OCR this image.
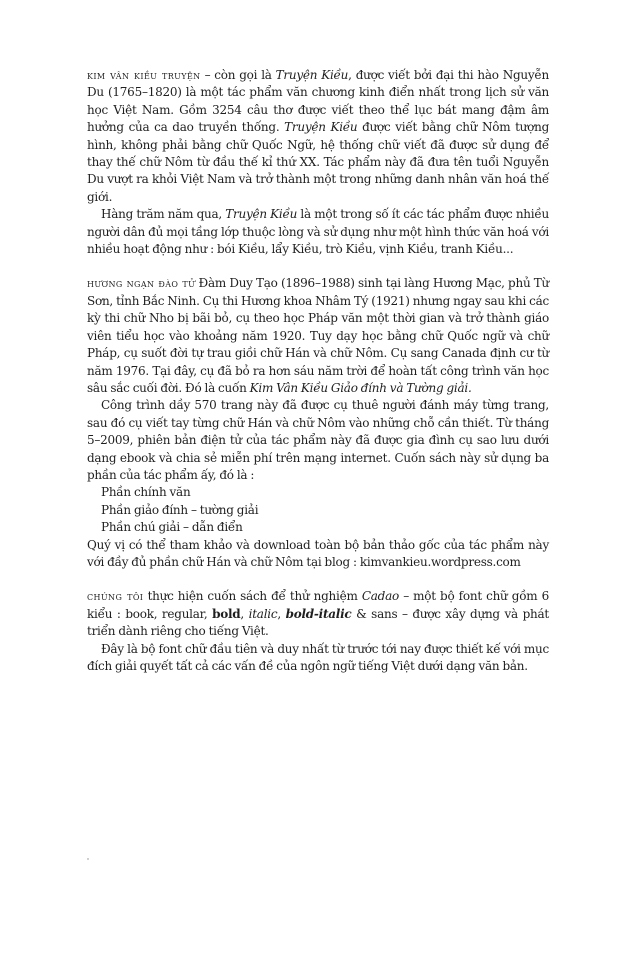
kim vân kiều truyện – còn gọi là Truyện Kiều, được viết bởi đại thi hào Nguyễn Du (1765–1820) là một tác phẩm văn chương kinh điển nhất trong lịch sử văn học Việt Nam. Gồm 3254 câu thơ được viết theo thể lục bát mang đậm âm hưởng của ca dao truyền thống. Truyện Kiều được viết bằng chữ Nôm tượng hình, không phải bằng chữ Quốc Ngữ, hệ thống chữ viết đã được sử dụng để thay thế chữ Nôm từ đầu thế kỉ thứ XX. Tác phẩm này đã đưa tên tuổi Nguyễn Du vượt ra khỏi Việt Nam và trở thành một trong những danh nhân văn hoá thế giới.

Hàng trăm năm qua, Truyện Kiều là một trong số ít các tác phẩm được nhiều người dân đủ mọi tầng lớp thuộc lòng và sử dụng như một hình thức văn hoá với nhiều hoạt động như : bói Kiều, lẩy Kiều, trò Kiều, vịnh Kiều, tranh Kiều...

hương ngạn đào tử Đàm Duy Tạo (1896–1988) sinh tại làng Hương Mạc, phủ Từ Sơn, tỉnh Bắc Ninh. Cụ thi Hương khoa Nhâm Tý (1921) nhưng ngay sau khi các kỳ thi chữ Nho bị bãi bỏ, cụ theo học Pháp văn một thời gian và trở thành giáo viên tiểu học vào khoảng năm 1920. Tuy dạy học bằng chữ Quốc ngữ và chữ Pháp, cụ suốt đời tự trau giồi chữ Hán và chữ Nôm. Cụ sang Canada định cư từ năm 1976. Tại đây, cụ đã bỏ ra hơn sáu năm trời để hoàn tất công trình văn học sâu sắc cuối đời. Đó là cuốn Kim Vân Kiều Giảo đính và Tường giải.

Công trình dầy 570 trang này đã được cụ thuê người đánh máy từng trang, sau đó cụ viết tay từng chữ Hán và chữ Nôm vào những chỗ cần thiết. Từ tháng 5–2009, phiên bản điện tử của tác phẩm này đã được gia đình cụ sao lưu dưới dạng ebook và chia sẻ miễn phí trên mạng internet. Cuốn sách này sử dụng ba phần của tác phẩm ấy, đó là :

Phần chính văn
Phần giảo đính – tường giải
Phần chú giải – dẫn điển

Quý vị có thể tham khảo và download toàn bộ bản thảo gốc của tác phẩm này với đầy đủ phần chữ Hán và chữ Nôm tại blog : kimvankieu.wordpress.com

chúng tôi thực hiện cuốn sách để thử nghiệm Cadao – một bộ font chữ gồm 6 kiểu : book, regular, bold, italic, bold-italic & sans – được xây dựng và phát triển dành riêng cho tiếng Việt.

Đây là bộ font chữ đầu tiên và duy nhất từ trước tới nay được thiết kế với mục đích giải quyết tất cả các vấn đề của ngôn ngữ tiếng Việt dưới dạng văn bản.
